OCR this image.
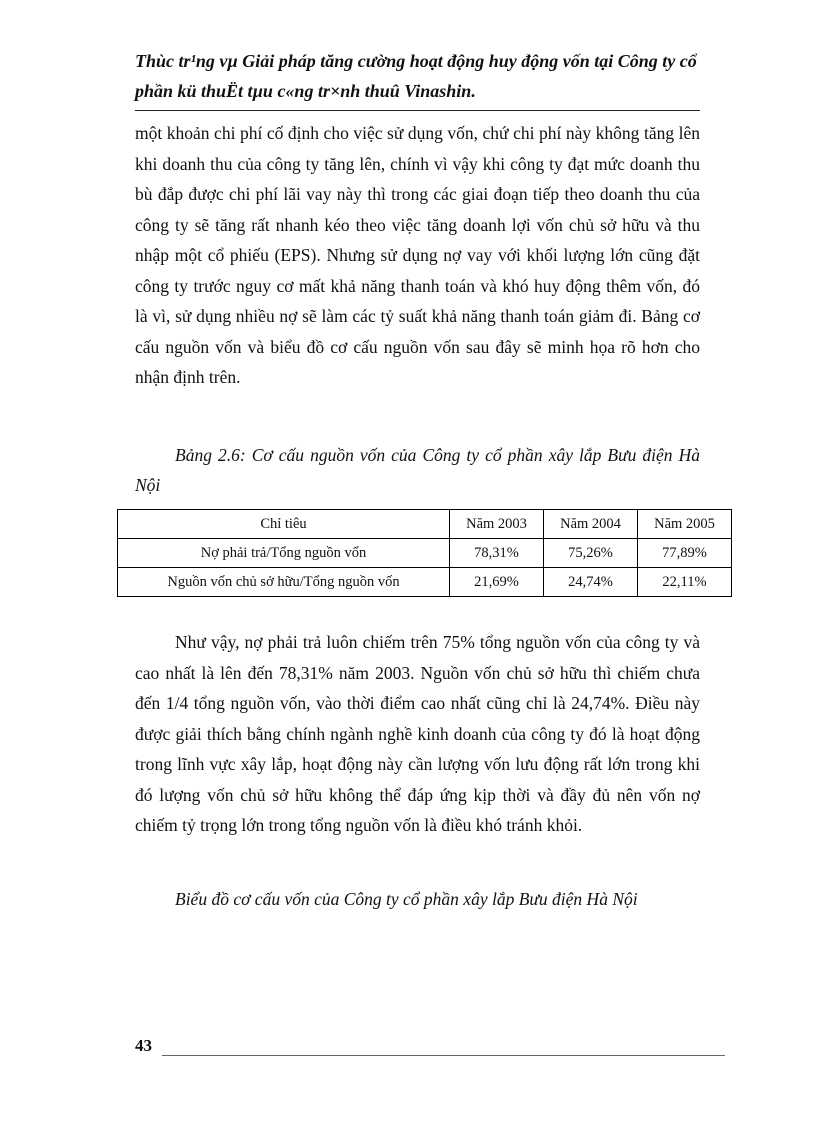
Thùc tr¹ng vµ Giải pháp tăng cường hoạt động huy động vốn tại Công ty cổ phần kü thuËt tµu c«ng tr×nh thuû Vinashin.
một khoản chi phí cố định cho việc sử dụng vốn, chứ chi phí này không tăng lên khi doanh thu của công ty tăng lên, chính vì vậy khi công ty đạt mức doanh thu bù đắp được chi phí lãi vay này thì trong các giai đoạn tiếp theo doanh thu của công ty sẽ tăng rất nhanh kéo theo việc tăng doanh lợi vốn chủ sở hữu và thu nhập một cổ phiếu (EPS). Nhưng sử dụng nợ vay với khối lượng lớn cũng đặt công ty trước nguy cơ mất khả năng thanh toán và khó huy động thêm vốn, đó là vì, sử dụng nhiều nợ sẽ làm các tỷ suất khả năng thanh toán giảm đi. Bảng cơ cấu nguồn vốn và biểu đồ cơ cấu nguồn vốn sau đây sẽ minh họa rõ hơn cho nhận định trên.
Bảng 2.6: Cơ cấu nguồn vốn của Công ty cổ phần xây lắp Bưu điện Hà Nội
Chỉ tiêu	Năm 2003	Năm 2004	Năm 2005
Nợ phải trả/Tổng nguồn vốn	78,31%	75,26%	77,89%
Nguồn vốn chủ sở hữu/Tổng nguồn vốn	21,69%	24,74%	22,11%
Như vậy, nợ phải trả luôn chiếm trên 75% tổng nguồn vốn của công ty và cao nhất là lên đến 78,31% năm 2003. Nguồn vốn chủ sở hữu thì chiếm chưa đến 1/4 tổng nguồn vốn, vào thời điểm cao nhất cũng chỉ là 24,74%. Điều này được giải thích bằng chính ngành nghề kinh doanh của công ty đó là hoạt động trong lĩnh vực xây lắp, hoạt động này cần lượng vốn lưu động rất lớn trong khi đó lượng vốn chủ sở hữu không thể đáp ứng kịp thời và đầy đủ nên vốn nợ chiếm tỷ trọng lớn trong tổng nguồn vốn là điều khó tránh khỏi.
Biểu đồ cơ cấu vốn của Công ty cổ phần xây lắp Bưu điện Hà Nội
43
